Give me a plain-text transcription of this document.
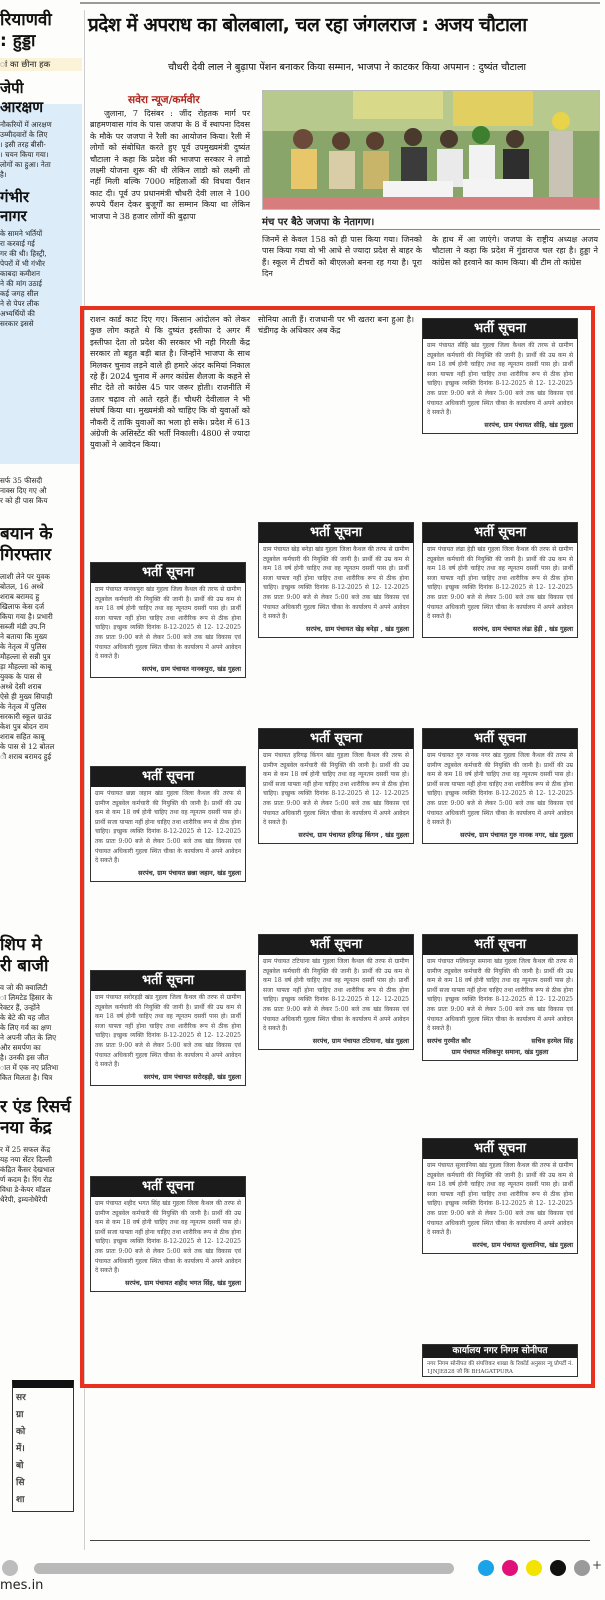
रियाणवी
: हुड्डा
ां का छीना हक
जेपी
आरक्षण
नौकरियों में आरक्षण
उम्मीदवारों के लिए
। इसी तरह बीसी-
। चयन किया गया।
लोगों का हुआ। नेता
है।
गंभीर
नागर
के सामने भर्तियों
रा करवाई गई
गर की थी। हिस्ट्री,
पेपरों में भी गंभीर
काबदा कमीशन
ने की मांग उठाई
कई जगह सील
ने से पेपर लीक
अभ्यर्थियों की
सरकार इससे
सर्फ 35 फीसदी
नाक्स दिए गए औ
र को ही पास किय
बयान के
गिरफ्तार
लाशी लेने पर युवक
बोतल, 16 अध्धे
शराब बरामद हु
खिलाफ केस दर्ज
किया गया है। प्रभारी
सब्जी मंडी उप.नि
ने बताया कि मुख्य
के नेतृत्व में पुलिस
मौहल्ला से सन्नी पुत्र
ड़ा मौहल्ला को काबू
युवक के पास से
अध्धे देसी शराब
ऐसे ही मुख्य सिपाही
के नेतृत्व में पुलिस
सरकारी स्कूल ग्राउंड
केश पुत्र बोदन राम
शराब सहित काबू
के पास से 12 बोतल
ी शराब बरामद हुई
शिप मे
री बाजी
व जो की क्वालिटी
ा लिमटेड हिसार के
रेक्टर हैं, उन्होंने
के बेटे की यह जीत
के लिए गर्व का क्षण
ने अपनी जीत के लिए
और समर्पण का
है। उनकी इस जीत
ात में एक नए प्रतिभा
कित मिलता है। चित्र
र एंड रिसर्च
नया केंद्र
र में 25 सफल केंद्र
यह नया सेंटर दिल्ली
कंद्रित कैंसर देखभाल
र्ण कदम है। रिंग रोड
विधा डे-केयर मॉडल
थैरेपी, इम्यनोथैरेपी
सर
ग्रा
को
में।
बो
सि
शा
प्रदेश में अपराध का बोलबाला, चल रहा जंगलराज : अजय चौटाला
चौधरी देवी लाल ने बुढ़ापा पेंशन बनाकर किया सम्मान, भाजपा ने काटकर किया अपमान : दुष्यंत चौटाला
सवेरा न्यूज/कर्मवीर
जुलाना, 7 दिसंबर : जींद रोहतक मार्ग पर ब्राहमणवास गांव के पास जजपा के 8 वें स्थापना दिवस के मौके पर जजपा ने रैली का आयोजन किया। रैली में लोगों को संबोधित करते हुए पूर्व उपमुख्यमंत्री दुष्यंत चौटाला ने कहा कि प्रदेश की भाजपा सरकार ने लाडो लक्ष्मी योजना शुरू की थी लेकिन लाडो को लक्ष्मी तो नहीं मिली बल्कि 7000 महिलाओं की विधवा पैंशन काट दी। पूर्व उप प्रधानमंत्री चौधरी देवी लाल ने 100 रूपये पैंशन देकर बुजूर्गों का सम्मान किया था लेकिन भाजपा ने 38 हजार लोगों की बुढ़ापा
मंच पर बैठे जजपा के नेतागण।
जिनमें से केवल 158 को ही पास किया गया। जिनको पास किया गया वो भी आधे से ज्यादा प्रदेश से बाहर के हैं। स्कूल में टीचरों को बीएलओ बनना रह गया है। पूरा दिन
के हाथ में आ जाएंगे। जजपा के राष्ट्रीय अध्यक्ष अजय चौटाला ने कहा कि प्रदेश में गुंडाराज चल रहा है। हुड्डा ने कांग्रेस को हरवाने का काम किया। बी टीम तो कांग्रेस
राशन कार्ड काट दिए गए। किसान आंदोलन को लेकर कुछ लोग कहते थे कि दुष्यंत इस्तीफा दे अगर मैं इस्तीफा देता तो प्रदेश की सरकार भी नही गिरती केंद्र सरकार तो बहुत बड़ी बात है। जिन्होंने भाजपा के साथ मिलकर चुनाव लड़ने वाले ही हमारे अंदर कमियां निकाल रहे हैं। 2024 चुनाव में अगर कांग्रेस शैलजा के कहने से सीट देते तो कांग्रेस 45 पार जरूर होती। राजनीति में उतार चढ़ाव तो आते रहते हैं। चौधरी देवीलाल ने भी संघर्ष किया था। मुख्यमंत्री को चाहिए कि वो युवाओं को नौकरी दें ताकि युवाओं का भला हो सके। प्रदेश में 613 अंग्रेजी के असिस्टेंट की भर्ती निकाली। 4800 से ज्यादा युवाओं ने आवेदन किया।
सोनिया आती हैं। राजधानी पर भी खतरा बना हुआ है। चंडीगढ़ के अधिकार अब केंद्र
भर्ती सूचना
ग्राम पंचायत नानकपुरा खंड गुहला जिला कैथल की तरफ से ग्रामीण ट्यूबवेल कर्मचारी की नियुक्ति की जानी है। प्रार्थी की उम्र कम से कम 18 वर्ष होनी चाहिए तथा वह न्यूनतम दसवीं पास हो। प्रार्थी सजा याफ्ता नहीं होना चाहिए तथा शारीरिक रूप से ठीक होना चाहिए। इच्छुक व्यक्ति दिनांक 8-12-2025 से 12- 12-2025 तक प्रातः 9:00 बजे से लेकर 5:00 बजे तक खंड विकास एवं पंचायत अधिकारी गुहला स्थित चीका के कार्यालय में अपने आवेदन दे सकते हैं।
सरपंच, ग्राम पंचायत नानकपुरा, खंड गुहला
भर्ती सूचना
ग्राम पंचायत छन्ना जहान खंड गुहला जिला कैथल की तरफ से ग्रामीण ट्यूबवेल कर्मचारी की नियुक्ति की जानी है। प्रार्थी की उम्र कम से कम 18 वर्ष होनी चाहिए तथा वह न्यूनतम दसवीं पास हो। प्रार्थी सजा याफ्ता नहीं होना चाहिए तथा शारीरिक रूप से ठीक होना चाहिए। इच्छुक व्यक्ति दिनांक 8-12-2025 से 12- 12-2025 तक प्रातः 9:00 बजे से लेकर 5:00 बजे तक खंड विकास एवं पंचायत अधिकारी गुहला स्थित चीका के कार्यालय में अपने आवेदन दे सकते हैं।
सरपंच, ग्राम पंचायत छन्ना जहान, खंड गुहला
भर्ती सूचना
ग्राम पंचायत सरोरहड़ी खंड गुहला जिला कैथल की तरफ से ग्रामीण ट्यूबवेल कर्मचारी की नियुक्ति की जानी है। प्रार्थी की उम्र कम से कम 18 वर्ष होनी चाहिए तथा वह न्यूनतम दसवीं पास हो। प्रार्थी सजा याफ्ता नहीं होना चाहिए तथा शारीरिक रूप से ठीक होना चाहिए। इच्छुक व्यक्ति दिनांक 8-12-2025 से 12- 12-2025 तक प्रातः 9:00 बजे से लेकर 5:00 बजे तक खंड विकास एवं पंचायत अधिकारी गुहला स्थित चीका के कार्यालय में अपने आवेदन दे सकते हैं।
सरपंच, ग्राम पंचायत सरोरहड़ी, खंड गुहला
भर्ती सूचना
ग्राम पंचायत शहीद भगत सिंह खंड गुहला जिला कैथल की तरफ से ग्रामीण ट्यूबवेल कर्मचारी की नियुक्ति की जानी है। प्रार्थी की उम्र कम से कम 18 वर्ष होनी चाहिए तथा वह न्यूनतम दसवीं पास हो। प्रार्थी सजा याफ्ता नहीं होना चाहिए तथा शारीरिक रूप से ठीक होना चाहिए। इच्छुक व्यक्ति दिनांक 8-12-2025 से 12- 12-2025 तक प्रातः 9:00 बजे से लेकर 5:00 बजे तक खंड विकास एवं पंचायत अधिकारी गुहला स्थित चीका के कार्यालय में अपने आवेदन दे सकते हैं।
सरपंच, ग्राम पंचायत शहीद भगत सिंह, खंड गुहला
भर्ती सूचना
ग्राम पंचायत खेड़ बनेड़ा खंड गुहला जिला कैथल की तरफ से ग्रामीण ट्यूबवेल कर्मचारी की नियुक्ति की जानी है। प्रार्थी की उम्र कम से कम 18 वर्ष होनी चाहिए तथा वह न्यूनतम दसवीं पास हो। प्रार्थी सजा याफ्ता नहीं होना चाहिए तथा शारीरिक रूप से ठीक होना चाहिए। इच्छुक व्यक्ति दिनांक 8-12-2025 से 12- 12-2025 तक प्रातः 9:00 बजे से लेकर 5:00 बजे तक खंड विकास एवं पंचायत अधिकारी गुहला स्थित चीका के कार्यालय में अपने आवेदन दे सकते हैं।
सरपंच, ग्राम पंचायत खेड़ बनेड़ा , खंड गुहला
भर्ती सूचना
ग्राम पंचायत हरिगढ़ किंगन खंड गुहला जिला कैथल की तरफ से ग्रामीण ट्यूबवेल कर्मचारी की नियुक्ति की जानी है। प्रार्थी की उम्र कम से कम 18 वर्ष होनी चाहिए तथा वह न्यूनतम दसवीं पास हो। प्रार्थी सजा याफ्ता नहीं होना चाहिए तथा शारीरिक रूप से ठीक होना चाहिए। इच्छुक व्यक्ति दिनांक 8-12-2025 से 12- 12-2025 तक प्रातः 9:00 बजे से लेकर 5:00 बजे तक खंड विकास एवं पंचायत अधिकारी गुहला स्थित चीका के कार्यालय में अपने आवेदन दे सकते हैं।
सरपंच, ग्राम पंचायत हरिगढ़ किंगन , खंड गुहला
भर्ती सूचना
ग्राम पंचायत टटियाना खंड गुहला जिला कैथल की तरफ से ग्रामीण ट्यूबवेल कर्मचारी की नियुक्ति की जानी है। प्रार्थी की उम्र कम से कम 18 वर्ष होनी चाहिए तथा वह न्यूनतम दसवीं पास हो। प्रार्थी सजा याफ्ता नहीं होना चाहिए तथा शारीरिक रूप से ठीक होना चाहिए। इच्छुक व्यक्ति दिनांक 8-12-2025 से 12- 12-2025 तक प्रातः 9:00 बजे से लेकर 5:00 बजे तक खंड विकास एवं पंचायत अधिकारी गुहला स्थित चीका के कार्यालय में अपने आवेदन दे सकते हैं।
सरपंच, ग्राम पंचायत टटियाना, खंड गुहला
भर्ती सूचना
ग्राम पंचायत सीहि खंड गुहला जिला कैथल की तरफ से ग्रामीण ट्यूबवेल कर्मचारी की नियुक्ति की जानी है। प्रार्थी की उम्र कम से कम 18 वर्ष होनी चाहिए तथा वह न्यूनतम दसवीं पास हो। प्रार्थी सजा याफ्ता नहीं होना चाहिए तथा शारीरिक रूप से ठीक होना चाहिए। इच्छुक व्यक्ति दिनांक 8-12-2025 से 12- 12-2025 तक प्रातः 9:00 बजे से लेकर 5:00 बजे तक खंड विकास एवं पंचायत अधिकारी गुहला स्थित चीका के कार्यालय में अपने आवेदन दे सकते हैं।
सरपंच, ग्राम पंचायत सीहि, खंड गुहला
भर्ती सूचना
ग्राम पंचायत लंढा हेड़ी खंड गुहला जिला कैथल की तरफ से ग्रामीण ट्यूबवेल कर्मचारी की नियुक्ति की जानी है। प्रार्थी की उम्र कम से कम 18 वर्ष होनी चाहिए तथा वह न्यूनतम दसवीं पास हो। प्रार्थी सजा याफ्ता नहीं होना चाहिए तथा शारीरिक रूप से ठीक होना चाहिए। इच्छुक व्यक्ति दिनांक 8-12-2025 से 12- 12-2025 तक प्रातः 9:00 बजे से लेकर 5:00 बजे तक खंड विकास एवं पंचायत अधिकारी गुहला स्थित चीका के कार्यालय में अपने आवेदन दे सकते हैं।
सरपंच, ग्राम पंचायत लंढा हेड़ी , खंड गुहला
भर्ती सूचना
ग्राम पंचायत गुरु नानक नगर खंड गुहला जिला कैथल की तरफ से ग्रामीण ट्यूबवेल कर्मचारी की नियुक्ति की जानी है। प्रार्थी की उम्र कम से कम 18 वर्ष होनी चाहिए तथा वह न्यूनतम दसवीं पास हो। प्रार्थी सजा याफ्ता नहीं होना चाहिए तथा शारीरिक रूप से ठीक होना चाहिए। इच्छुक व्यक्ति दिनांक 8-12-2025 से 12- 12-2025 तक प्रातः 9:00 बजे से लेकर 5:00 बजे तक खंड विकास एवं पंचायत अधिकारी गुहला स्थित चीका के कार्यालय में अपने आवेदन दे सकते हैं।
सरपंच, ग्राम पंचायत गुरु नानक नगर, खंड गुहला
भर्ती सूचना
ग्राम पंचायत मलिकपुर समाना खंड गुहला जिला कैथल की तरफ से ग्रामीण ट्यूबवेल कर्मचारी की नियुक्ति की जानी है। प्रार्थी की उम्र कम से कम 18 वर्ष होनी चाहिए तथा वह न्यूनतम दसवीं पास हो। प्रार्थी सजा याफ्ता नहीं होना चाहिए तथा शारीरिक रूप से ठीक होना चाहिए। इच्छुक व्यक्ति दिनांक 8-12-2025 से 12- 12-2025 तक प्रातः 9:00 बजे से लेकर 5:00 बजे तक खंड विकास एवं पंचायत अधिकारी गुहला स्थित चीका के कार्यालय में अपने आवेदन दे सकते हैं।
सरपंच गुरमीत कौर	सचिव हरमेल सिंह
ग्राम पंचायत मलिकपुर समाना, खंड गुहला
भर्ती सूचना
ग्राम पंचायत सुल्तानिया खंड गुहला जिला कैथल की तरफ से ग्रामीण ट्यूबवेल कर्मचारी की नियुक्ति की जानी है। प्रार्थी की उम्र कम से कम 18 वर्ष होनी चाहिए तथा वह न्यूनतम दसवीं पास हो। प्रार्थी सजा याफ्ता नहीं होना चाहिए तथा शारीरिक रूप से ठीक होना चाहिए। इच्छुक व्यक्ति दिनांक 8-12-2025 से 12- 12-2025 तक प्रातः 9:00 बजे से लेकर 5:00 बजे तक खंड विकास एवं पंचायत अधिकारी गुहला स्थित चीका के कार्यालय में अपने आवेदन दे सकते हैं।
सरपंच, ग्राम पंचायत सुल्तानिया, खंड गुहला
कार्यालय नगर निगम सोनीपत
नगर निगम सोनीपत की संपत्तिकर शाखा के रिकॉर्ड अनुसार न्यू प्रोपर्टी नं. 1JNJE828 जो कि BHAGATPURA
+
mes.in
